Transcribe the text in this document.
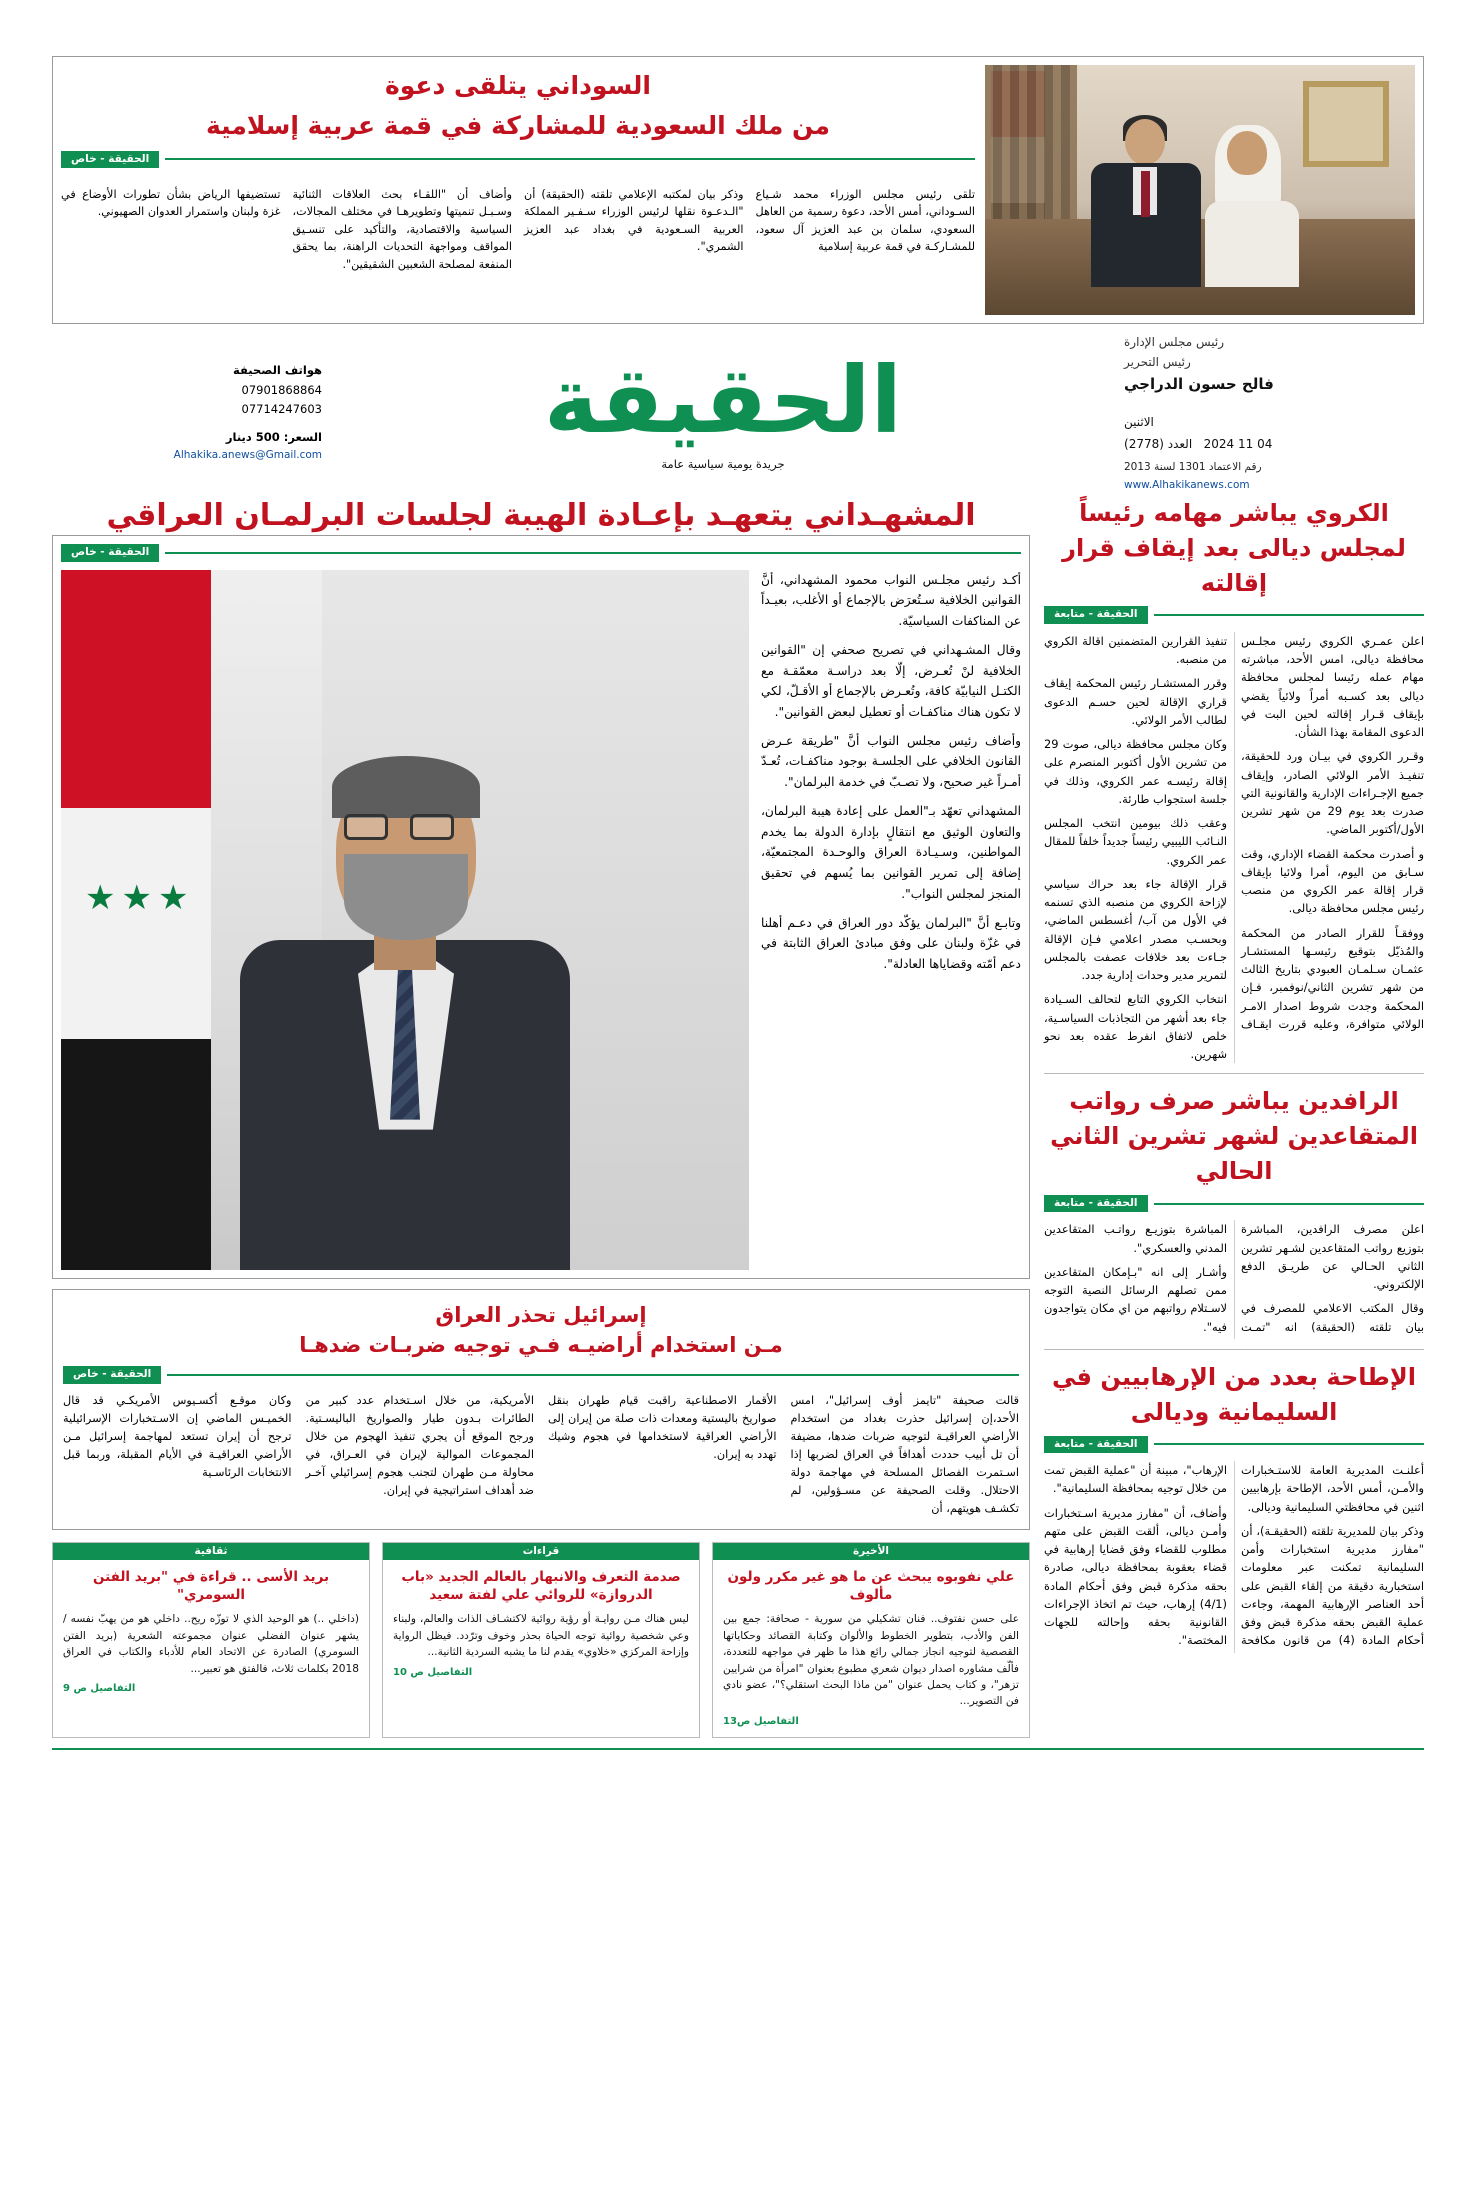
السوداني يتلقى دعوة
من ملك السعودية للمشاركة في قمة عربية إسلامية
الحقيقة - خاص
تلقى رئيس مجلس الوزراء محمد شـياع السـوداني، أمس الأحد، دعوة رسمية من العاهل السعودي، سلمان بن عبد العزيز آل سعود، للمشـاركـة في قمة عربية إسلامية
وذكر بيان لمكتبه الإعلامي تلقته (الحقيقة) أن "الـدعـوة نقلها لرئيس الوزراء سـفـير المملكة العربية السـعودية في بغداد عبد العزيز الشمري".
وأضاف أن "اللقـاء بحث العلاقات الثنائية وسـبـل تنميتها وتطويرهـا في مختلف المجالات، السياسية والاقتصادية، والتأكيد على تنسـيق المواقف ومواجهة التحديات الراهنة، بما يحقق المنفعة لمصلحة الشعبين الشقيقين".
تستضيفها الرياض بشأن تطورات الأوضاع في غزة ولبنان واستمرار العدوان الصهيوني.
رئيس مجلس الإدارة
رئيس التحرير
فالح حسون الدراجي
الاثنين
04 11 2024   العدد (2778)
رقم الاعتماد 1301 لسنة 2013
www.Alhakikanews.com
الحقيقة
جريدة يومية سياسية عامة
هواتف الصحيفة
07901868864
07714247603
السعر: 500 دينار
Alhakika.anews@Gmail.com
الكروي يباشر مهامه رئيساً لمجلس ديالى بعد إيقاف قرار إقالته
الحقيقة - متابعة

اعلن عمـري الكروي رئيس مجلـس محافظة ديالى، امس الأحد، مباشرته مهام عمله رئيسا لمجلس محافظة ديالى بعد كسـبه أمراً ولائياً يقضي بإيقاف قـرار إقالته لحين البت في الدعوى المقامة بهذا الشأن.

وقـرر الكروي في بيـان ورد للحقيقة، تنفيـذ الأمر الولائي الصادر، وإيقاف جميع الإجـراءات الإدارية والقانونية التي صدرت بعد يوم 29 من شهر تشرين الأول/أكتوبر الماضي.

و أصدرت محكمة القضاء الإداري، وقت سـابق من اليوم، أمرا ولائيا بإيقاف قرار إقالة عمر الكروي من منصب رئيس مجلس محافظة ديالى.

ووفقـاً للقرار الصادر من المحكمة والمُذيّل بتوقيع رئيسـها المستشـار عثمـان سـلمـان العبودي بتاريخ الثالث من شهر تشرين الثاني/نوفمبر، فـإن المحكمة وجدت شروط اصدار الامـر الولائي متوافرة، وعليه قررت ايقـاف تنفيذ القرارين المتضمنين اقالة الكروي من منصبه.

وقرر المستشـار رئيس المحكمة إيقاف قراري الإقالة لحين حسـم الدعوى لطالب الأمر الولائي.

وكان مجلس محافظة ديالى، صوت 29 من تشرين الأول أكتوبر المنصرم على إقالة رئيسـه عمر الكروي، وذلك في جلسة استجواب طارئة.

وعقب ذلك بيومين انتخب المجلس النـائب الليبيي رئيساً جديداً خلفاً للمقال عمر الكروي.

قرار الإقالة جاء بعد حراك سياسي لإزاحة الكروي من منصبه الذي تسنمه في الأول من آب/ أغسطس الماضي، وبحسـب مصدر اعلامي فـإن الإقالة جـاءت بعد خلافات عصفت بالمجلس لتمرير مدير وحدات إدارية جدد.

انتخاب الكروي التابع لتحالف السـيادة جاء بعد أشهر من التجاذبات السياسـية، خلص لاتفاق انفرط عقده بعد نحو شهرين.

الرافدين يباشر صرف رواتب المتقاعدين لشهر تشرين الثاني الحالي
الحقيقة - متابعة

اعلن مصرف الرافدين، المباشرة بتوزيع رواتب المتقاعدين لشـهر تشرين الثاني الحـالي عن طريـق الدفع الإلكتروني.

وقال المكتب الاعلامي للمصرف في بيان تلقته (الحقيقة) انه "تمـت المباشرة بتوزيـع رواتـب المتقاعدين المدني والعسكري".

وأشـار إلى انه "بـإمكان المتقاعدين ممن تصلهم الرسائل النصية التوجه لاسـتلام رواتبهم من اي مكان يتواجدون فيه".

الإطاحة بعدد من الإرهابيين في السليمانية وديالى
الحقيقة - متابعة

أعلنـت المديرية العامة للاستـخبارات والأمـن، أمس الأحد، الإطاحة بإرهابيين اثنين في محافظتي السليمانية وديالى.

وذكر بيان للمديرية تلقته (الحقيقـة)، أن "مفارز مديرية استخبارات وأمن السليمانية تمكنت عبر معلومات استخبارية دقيقة من إلقاء القبض على أحد العناصر الإرهابية المهمة، وجاءت عملية القبض بحقه مذكرة قبض وفق أحكام المادة (4) من قانون مكافحة الإرهاب"، مبينة أن "عملية القبض تمت من خلال توجيه بمحافظة السليمانية".

وأضاف، أن "مفارز مديرية اسـتخبارات وأمـن ديالى، ألقت القبض على متهم مطلوب للقضاء وفق قضايا إرهابية في قضاء بعقوبة بمحافظة ديالى، صادرة بحقه مذكرة قبض وفق أحكام المادة (4/1) إرهاب، حيث تم اتخاذ الإجراءات القانونية بحقه وإحالته للجهات المختصة".

المشهـداني يتعهـد بإعـادة الهيبة لجلسات البرلمـان العراقي
الحقيقة - خاص

أكـد رئيس مجلـس النواب محمود المشهداني، أنَّ القوانين الخلافية سـتُعرَض بالإجماع أو الأغلب، بعيـداً عن المناكفات السياسيّة.

وقال المشـهداني في تصريح صحفي إن "القوانين الخلافية لنْ تُعـرض، إلّا بعد دراسـة معمّقـة مع الكتـل النيابيّة كافة، وتُعـرض بالإجماع أو الأقـلّ، لكي لا تكون هناك مناكفـات أو تعطيل لبعض القوانين".

وأضاف رئيس مجلس النواب أنَّ "طريقة عـرض القانون الخلافي على الجلسـة بوجود مناكفـات، تُعـدّ أمـراً غير صحيح، ولا تصـبّ في خدمة البرلمان".

المشهداني تعهّد بـ"العمل على إعادة هيبة البرلمان، والتعاون الوثيق مع انتقالٍ بإدارة الدولة بما يخدم المواطنين، وسـيـادة العراق والوحـدة المجتمعيّة، إضافة إلى تمرير القوانين بما يُسهم في تحقيق المنجز لمجلس النواب".

وتابـع أنَّ "البرلمان يؤكّد دور العراق في دعـم أهلنا في غزّة ولبنان على وفق مبادئ العراق الثابتة في دعم أمّته وقضاياها العادلة".

★★★
إسرائيل تحذر العراق
مـن استخدام أراضيـه فـي توجيه ضربـات ضدهـا
الحقيقة - خاص
قالت صحيفة "تايمز أوف إسرائيل"، امس الأحد،إن إسرائيل حذرت بغداد من استخدام الأراضي العراقيـة لتوجيه ضربات ضدها، مضيفة أن تل أبيب حددت أهدافاً في العراق لضربها إذا اسـتمرت الفصائل المسلحة في مهاجمة دولة الاحتلال. وقلت الصحيفة عن مسـؤولين، لم تكشـف هويتهم، أن
الأقمار الاصطناعية راقبت قيام طهران بنقل صواريخ باليستية ومعدات ذات صلة من إيران إلى الأراضي العراقية لاستخدامها في هجوم وشيك تهدد به إيران.
الأمريكية، من خلال اسـتخدام عدد كبير من الطائرات بـدون طيار والصواريخ الباليسـتية. ورجح الموقع أن يجري تنفيذ الهجوم من خلال المجموعات الموالية لإيران في العـراق، في محاولة مـن طهران لتجنب هجوم إسرائيلي آخـر ضد أهداف استراتيجية في إيران.
وكان موقـع أكسـيوس الأمريكـي قد قال الخميـس الماضي إن الاسـتخبارات الإسرائيلية ترجح أن إيران تستعد لمهاجمة إسرائيل مـن الأراضي العراقيـة في الأيام المقبلة، وربما قبل الانتخابات الرئاسـية
الأخيرة
علي نفوبوه يبحث عن ما هو غير مكرر ولون مألوف
على حسن نفتوف.. فنان تشكيلي من سورية - صحافة: جمع بين الفن والأدب، بتطوير الخطوط والألوان وكتابة القصائد وحكاياتها القصصية لتوجيه انجاز جمالي رائع هذا ما ظهر في مواجهه للتعددة، فألّف مشاوره اصدار ديوان شعري مطبوع بعنوان "امرأة من شرايين تزهر"، و كتاب يحمل عنوان "من ماذا البحث استقلي؟"، عضو نادي فن التصوير...
التفاصيل ص13
قراءات
صدمة التعرف والانبهار بالعالم الجديد «باب الدروازة» للروائي علي لفتة سعيد
ليس هناك مـن روايـة أو رؤية روائية لاكتشـاف الذات والعالم، ولبناء وعي شخصية روائية توجه الحياة بحذر وخوف وترّدد. فيظل الرواية وإزاحة المركزي «خلاوي» يقدم لنا ما يشبه السردية الثانية...
التفاصيل ص 10
ثقافية
بريد الأسى .. قراءة في "بريد الفتن السومري"
(داخلي ..) هو الوحيد الذي لا توزّه ريح.. داخلي هو من يهبّ نفسه / يشهر عنوان الفضلي عنوان مجموعته الشعرية (بريد الفتن السومري) الصادرة عن الاتحاد العام للأدباء والكتاب في العراق 2018 بكلمات ثلاث، فالفتق هو تعبير...
التفاصيل ص 9
